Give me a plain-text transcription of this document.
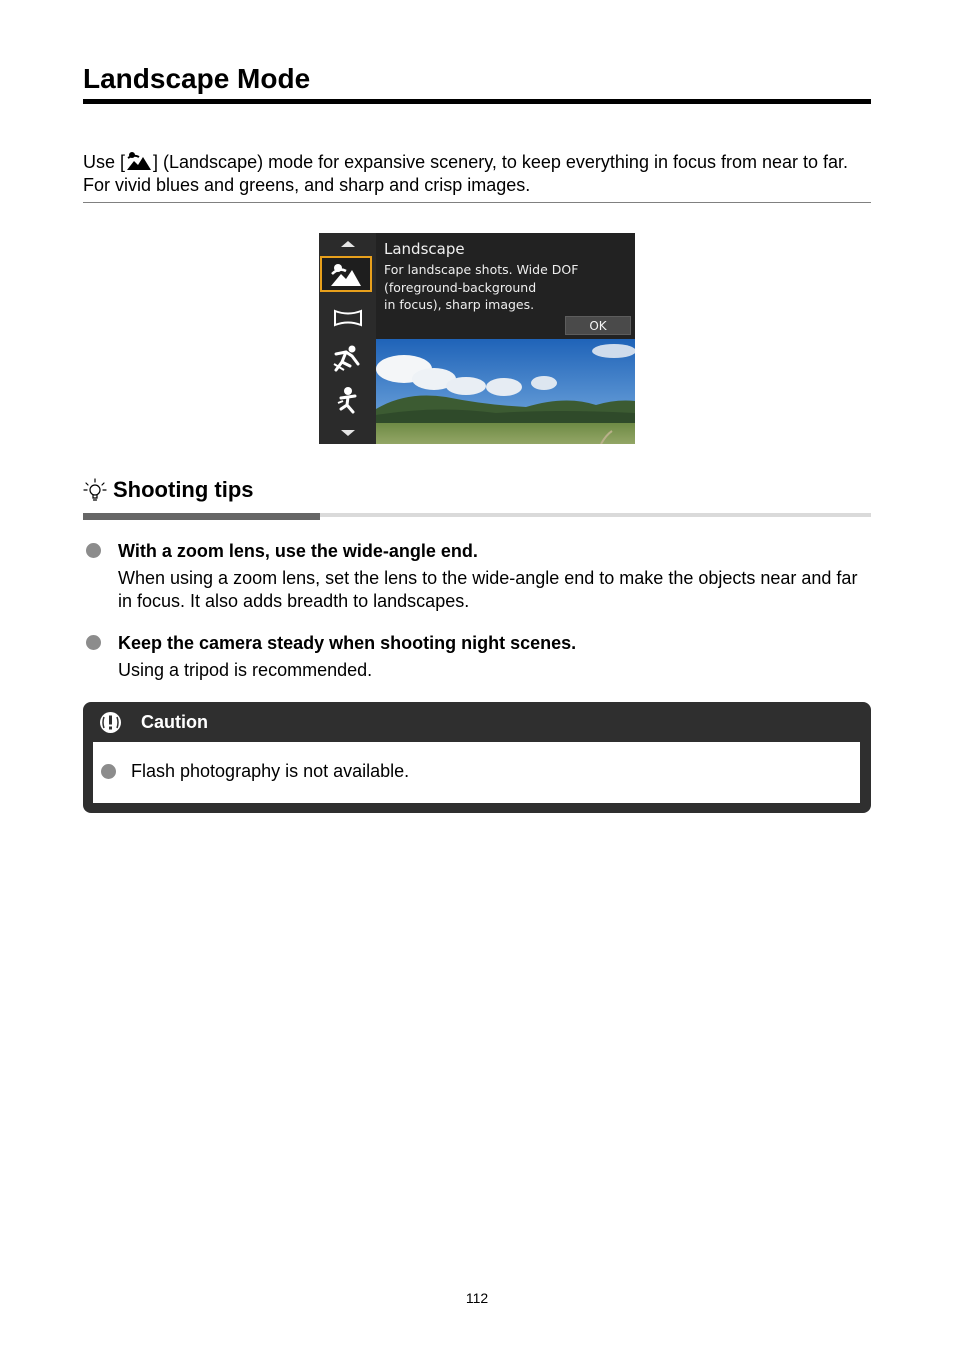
Landscape Mode

Use [ ] (Landscape) mode for expansive scenery, to keep everything in focus from near to far. For vivid blues and greens, and sharp and crisp images.

Landscape
For landscape shots. Wide DOF
(foreground-background
in focus), sharp images.
OK
Shooting tips
With a zoom lens, use the wide-angle end.

When using a zoom lens, set the lens to the wide-angle end to make the objects near and far in focus. It also adds breadth to landscapes.

Keep the camera steady when shooting night scenes.

Using a tripod is recommended.

Caution
Flash photography is not available.
112
